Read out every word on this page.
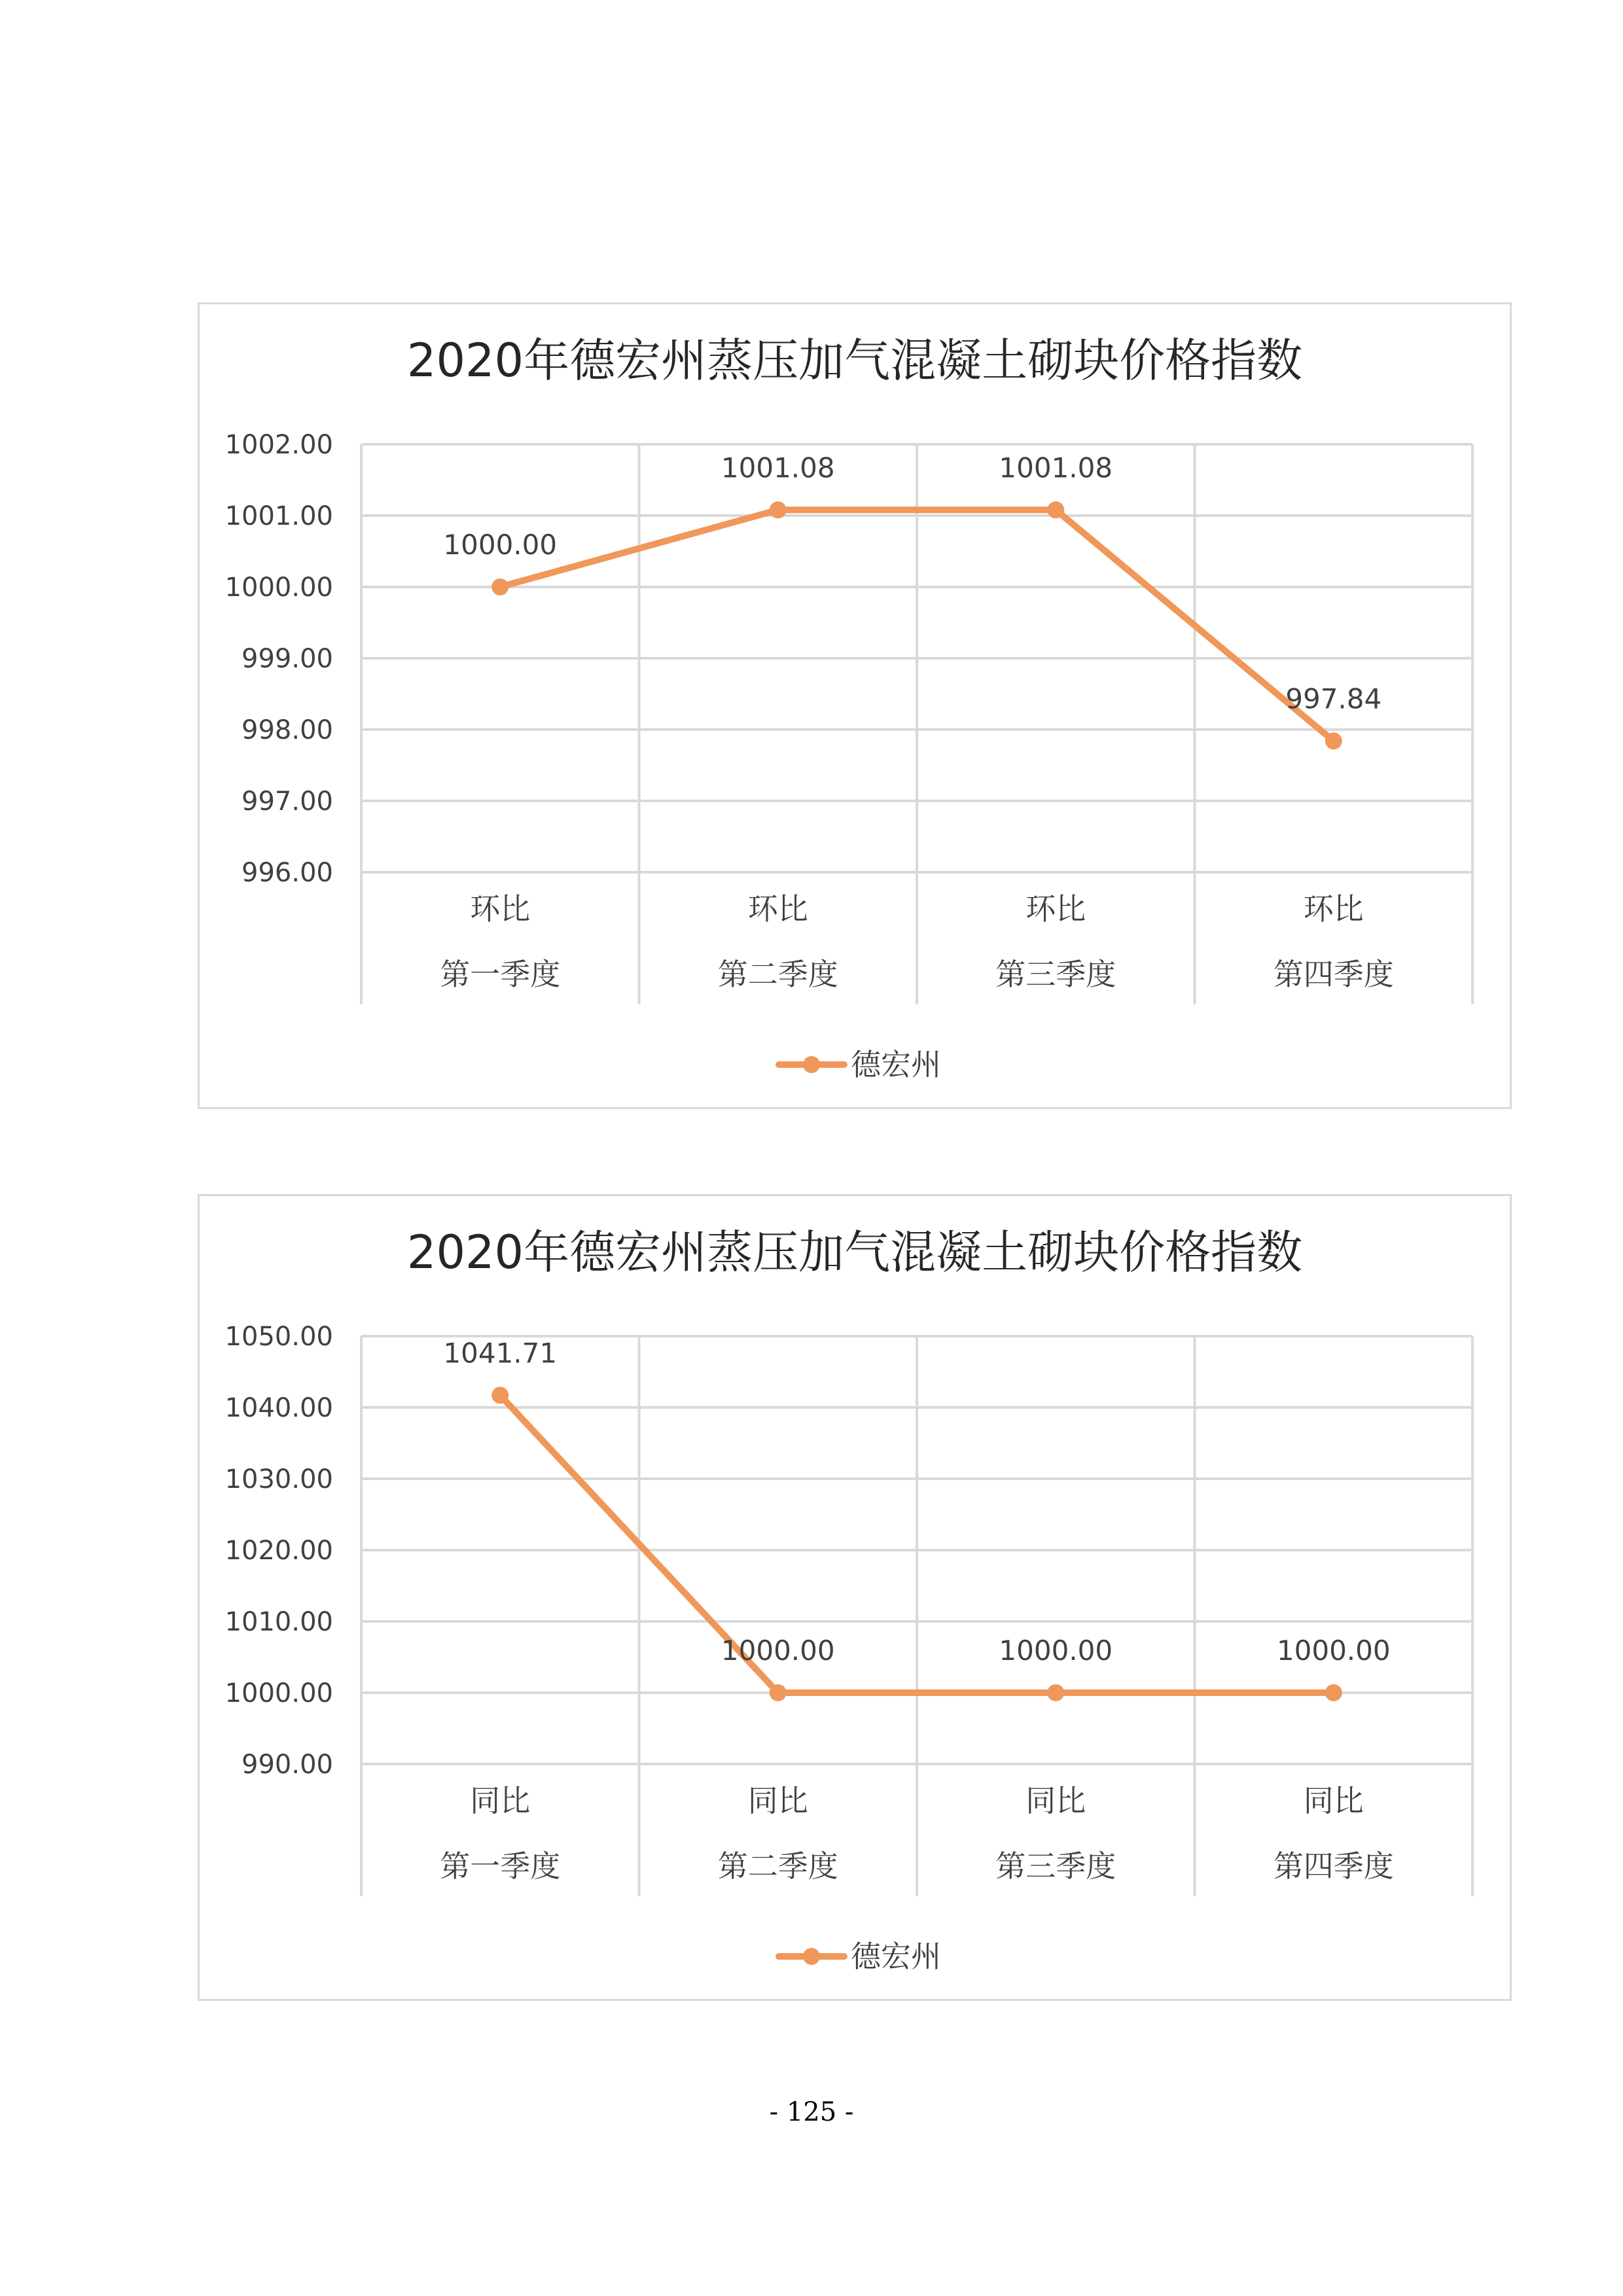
2020年德宏州蒸压加气混凝土砌块价格指数
996.00
997.00
998.00
999.00
1000.00
1001.00
1002.00
环比
第一季度
环比
第二季度
环比
第三季度
环比
第四季度
1000.00
1001.08	1001.08
997.84
德宏州
2020年德宏州蒸压加气混凝土砌块价格指数
990.00
1000.00
1010.00
1020.00
1030.00
1040.00
1050.00
同比
第一季度
同比
第二季度
同比
第三季度
同比
第四季度
1041.71
1000.00	1000.00	1000.00
德宏州
- 125 -
